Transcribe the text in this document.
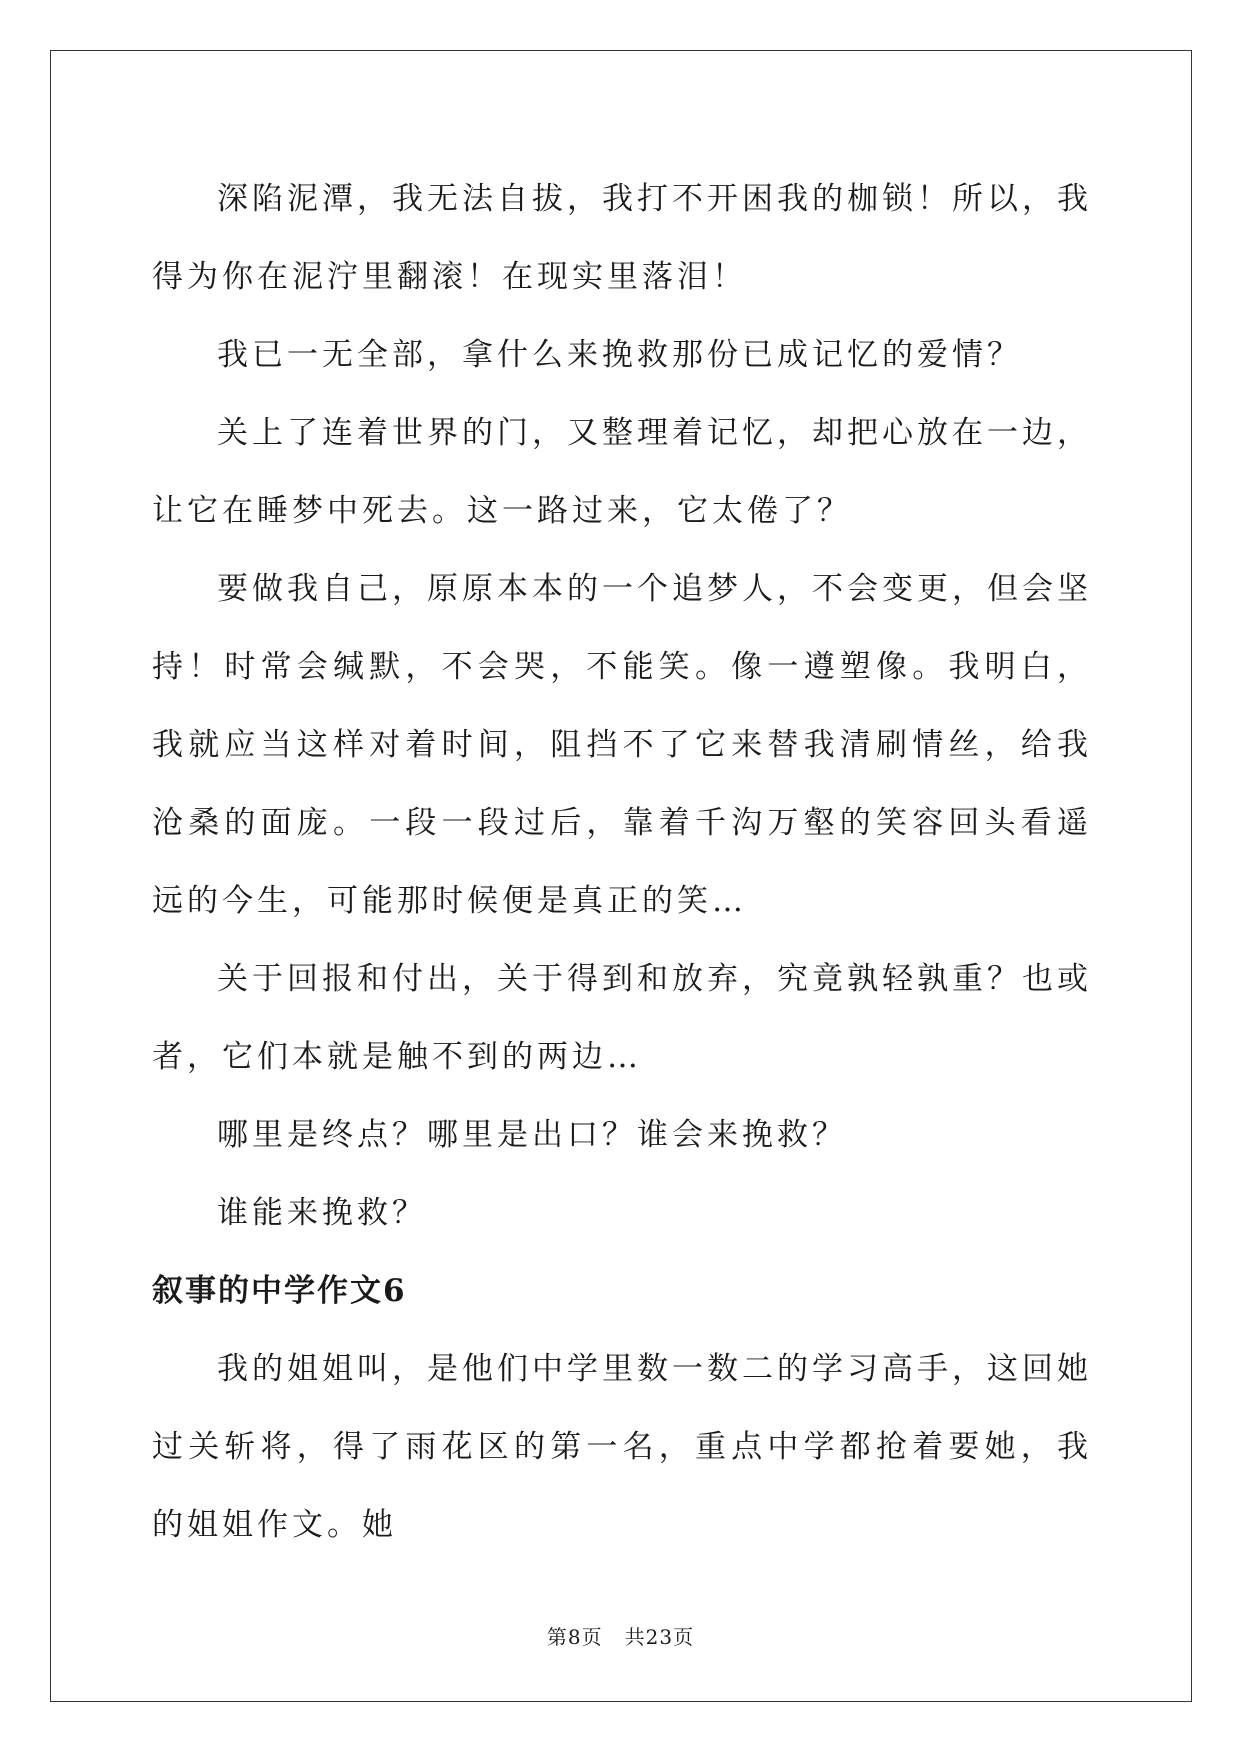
深陷泥潭，我无法自拔，我打不开困我的枷锁！所以，我得为你在泥泞里翻滚！在现实里落泪！

我已一无全部，拿什么来挽救那份已成记忆的爱情？

关上了连着世界的门，又整理着记忆，却把心放在一边，让它在睡梦中死去。这一路过来，它太倦了？

要做我自己，原原本本的一个追梦人，不会变更，但会坚持！时常会缄默，不会哭，不能笑。像一遵塑像。我明白，我就应当这样对着时间，阻挡不了它来替我清刷情丝，给我沧桑的面庞。一段一段过后，靠着千沟万壑的笑容回头看遥远的今生，可能那时候便是真正的笑…

关于回报和付出，关于得到和放弃，究竟孰轻孰重？也或者，它们本就是触不到的两边…

哪里是终点？哪里是出口？谁会来挽救？

谁能来挽救？

叙事的中学作文6

我的姐姐叫，是他们中学里数一数二的学习高手，这回她过关斩将，得了雨花区的第一名，重点中学都抢着要她，我的姐姐作文。她

第8页 共23页
